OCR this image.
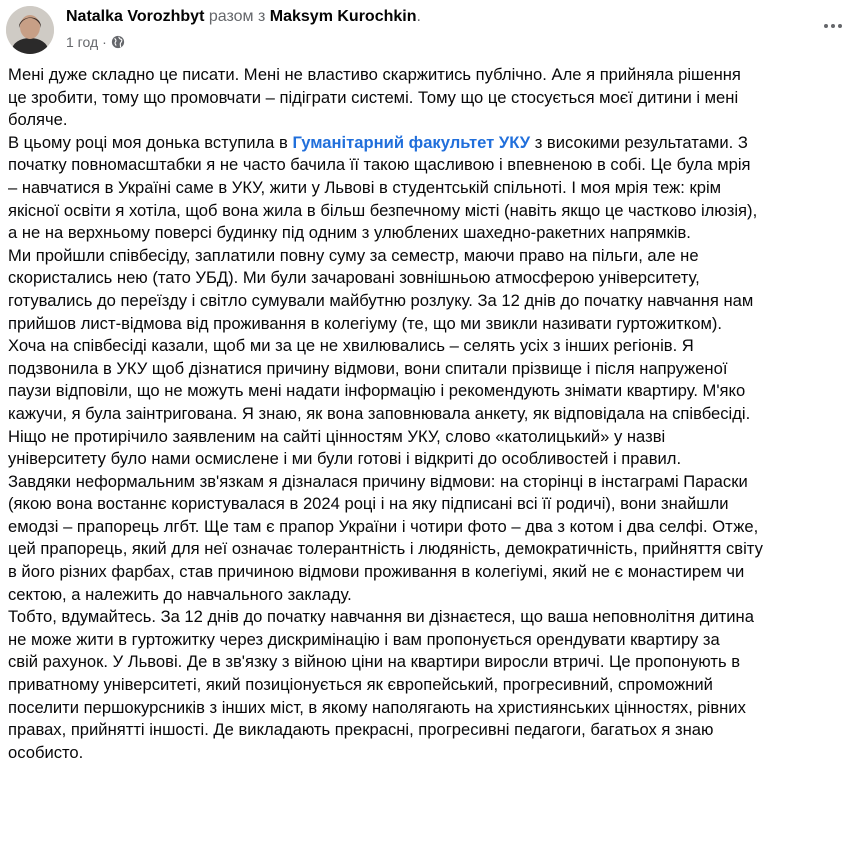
Natalka Vorozhbyt разом з Maksym Kurochkin.
1 год ·

Мені дуже складно це писати. Мені не властиво скаржитись публічно. Але я прийняла рішення

це зробити, тому що промовчати – підіграти системі. Тому що це стосується моєї дитини і мені

боляче.

В цьому році моя донька вступила в Гуманітарний факультет УКУ з високими результатами. З

початку повномасштабки я не часто бачила її такою щасливою і впевненою в собі. Це була мрія

– навчатися в Україні саме в УКУ, жити у Львові в студентській спільноті. І моя мрія теж: крім

якісної освіти я хотіла, щоб вона жила в більш безпечному місті (навіть якщо це частково ілюзія),

а не на верхньому поверсі будинку під одним з улюблених шахедно-ракетних напрямків.

Ми пройшли співбесіду, заплатили повну суму за семестр, маючи право на пільги, але не

скористались нею (тато УБД). Ми були зачаровані зовнішньою атмосферою університету,

готувались до переїзду і світло сумували майбутню розлуку. За 12 днів до початку навчання нам

прийшов лист-відмова від проживання в колегіуму (те, що ми звикли називати гуртожитком).

Хоча на співбесіді казали, щоб ми за це не хвилювались – селять усіх з інших регіонів. Я

подзвонила в УКУ щоб дізнатися причину відмови, вони спитали прізвище і після напруженої

паузи відповіли, що не можуть мені надати інформацію і рекомендують знімати квартиру. М'яко

кажучи, я була заінтригована. Я знаю, як вона заповнювала анкету, як відповідала на співбесіді.

Ніщо не протирічило заявленим на сайті цінностям УКУ, слово «католицький» у назві

університету було нами осмислене і ми були готові і відкриті до особливостей і правил.

Завдяки неформальним зв'язкам я дізналася причину відмови: на сторінці в інстаграмі Параски

(якою вона востаннє користувалася в 2024 році і на яку підписані всі її родичі), вони знайшли

емодзі – прапорець лгбт. Ще там є прапор України і чотири фото – два з котом і два селфі. Отже,

цей прапорець, який для неї означає толерантність і людяність, демократичність, прийняття світу

в його різних фарбах, став причиною відмови проживання в колегіумі, який не є монастирем чи

сектою, а належить до навчального закладу.

Тобто, вдумайтесь. За 12 днів до початку навчання ви дізнаєтеся, що ваша неповнолітня дитина

не може жити в гуртожитку через дискримінацію і вам пропонується орендувати квартиру за

свій рахунок. У Львові. Де в зв'язку з війною ціни на квартири виросли втричі. Це пропонують в

приватному університеті, який позиціонується як європейський, прогресивний, спроможний

поселити першокурсників з інших міст, в якому наполягають на християнських цінностях, рівних

правах, прийнятті іншості. Де викладають прекрасні, прогресивні педагоги, багатьох я знаю

особисто.
